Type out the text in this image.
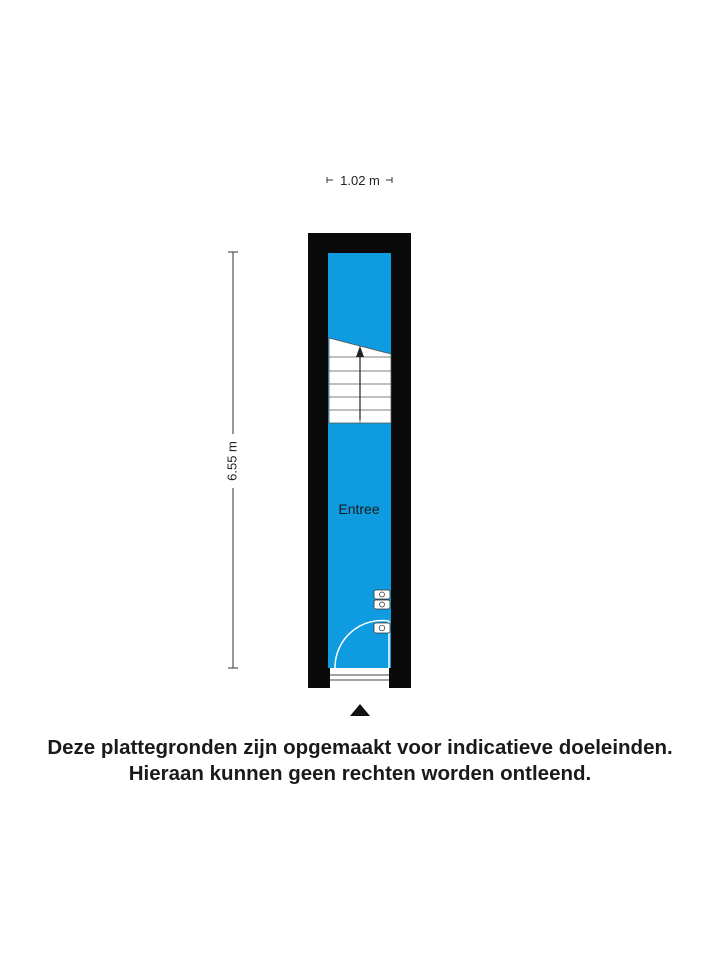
1.02 m
6.55 m
Entree
Deze plattegronden zijn opgemaakt voor indicatieve doeleinden.
Hieraan kunnen geen rechten worden ontleend.
